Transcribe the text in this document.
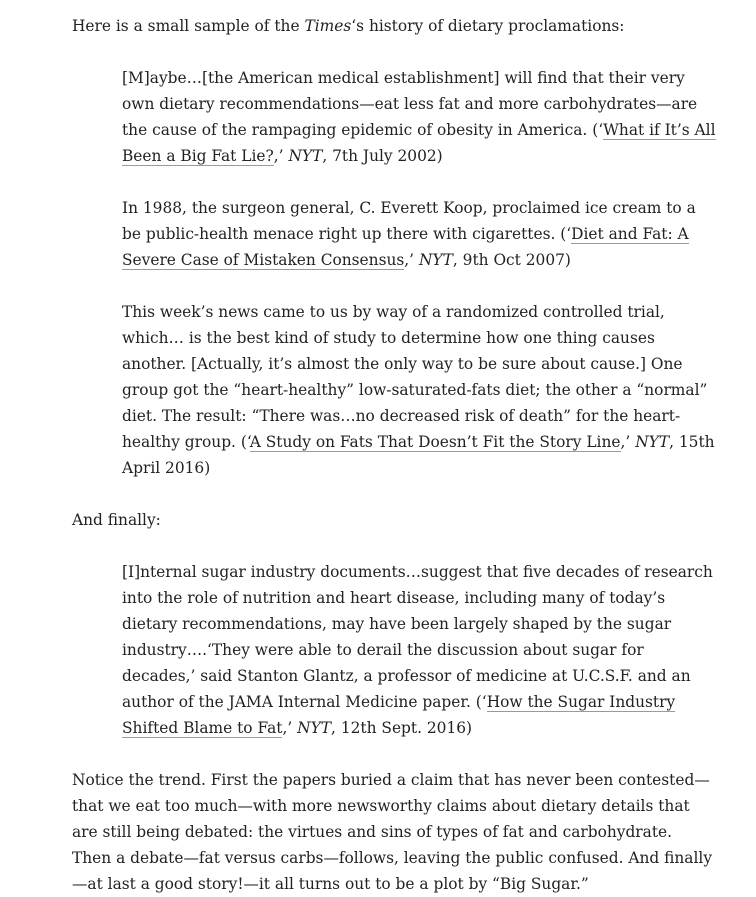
Here is a small sample of the Times‘s history of dietary proclamations:

[M]aybe…[the American medical establishment] will find that their very own dietary recommendations—eat less fat and more carbohydrates—are the cause of the rampaging epidemic of obesity in America. (‘What if It’s All Been a Big Fat Lie?,’ NYT, 7th July 2002)

In 1988, the surgeon general, C. Everett Koop, proclaimed ice cream to a be public-health menace right up there with cigarettes. (‘Diet and Fat: A Severe Case of Mistaken Consensus,’ NYT, 9th Oct 2007)

This week’s news came to us by way of a randomized controlled trial, which… is the best kind of study to determine how one thing causes another. [Actually, it’s almost the only way to be sure about cause.] One group got the “heart-healthy” low-saturated-fats diet; the other a “normal” diet. The result: “There was…no decreased risk of death” for the heart-healthy group. (‘A Study on Fats That Doesn’t Fit the Story Line,’ NYT, 15th April 2016)

And finally:

[I]nternal sugar industry documents…suggest that five decades of research into the role of nutrition and heart disease, including many of today’s dietary recommendations, may have been largely shaped by the sugar industry….‘They were able to derail the discussion about sugar for decades,’ said Stanton Glantz, a professor of medicine at U.C.S.F. and an author of the JAMA Internal Medicine paper. (‘How the Sugar Industry Shifted Blame to Fat,’ NYT, 12th Sept. 2016)

Notice the trend. First the papers buried a claim that has never been contested—that we eat too much—with more newsworthy claims about dietary details that are still being debated: the virtues and sins of types of fat and carbohydrate. Then a debate—fat versus carbs—follows, leaving the public confused. And finally—at last a good story!—it all turns out to be a plot by “Big Sugar.”
